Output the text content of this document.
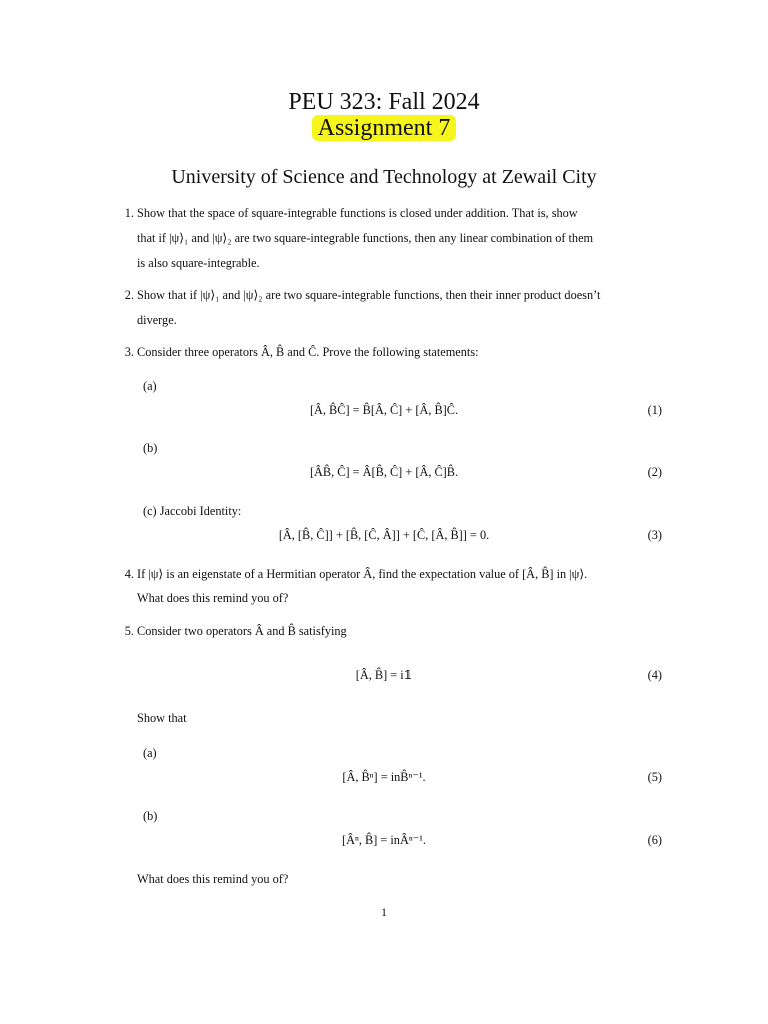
PEU 323: Fall 2024
Assignment 7
University of Science and Technology at Zewail City
1. Show that the space of square-integrable functions is closed under addition. That is, show
that if |ψ⟩₁ and |ψ⟩₂ are two square-integrable functions, then any linear combination of them
is also square-integrable.
2. Show that if |ψ⟩₁ and |ψ⟩₂ are two square-integrable functions, then their inner product doesn’t
diverge.
3. Consider three operators Â, B̂ and Ĉ. Prove the following statements:
(a)
[Â, B̂Ĉ] = B̂[Â, Ĉ] + [Â, B̂]Ĉ.	(1)
(b)
[ÂB̂, Ĉ] = Â[B̂, Ĉ] + [Â, Ĉ]B̂.	(2)
(c) Jaccobi Identity:
[Â, [B̂, Ĉ]] + [B̂, [Ĉ, Â]] + [Ĉ, [Â, B̂]] = 0.	(3)
4. If |ψ⟩ is an eigenstate of a Hermitian operator Â, find the expectation value of [Â, B̂] in |ψ⟩.
What does this remind you of?
5. Consider two operators Â and B̂ satisfying
[Â, B̂] = i𝟙	(4)
Show that
(a)
[Â, B̂ⁿ] = inB̂ⁿ⁻¹.	(5)
(b)
[Âⁿ, B̂] = inÂⁿ⁻¹.	(6)
What does this remind you of?
1
